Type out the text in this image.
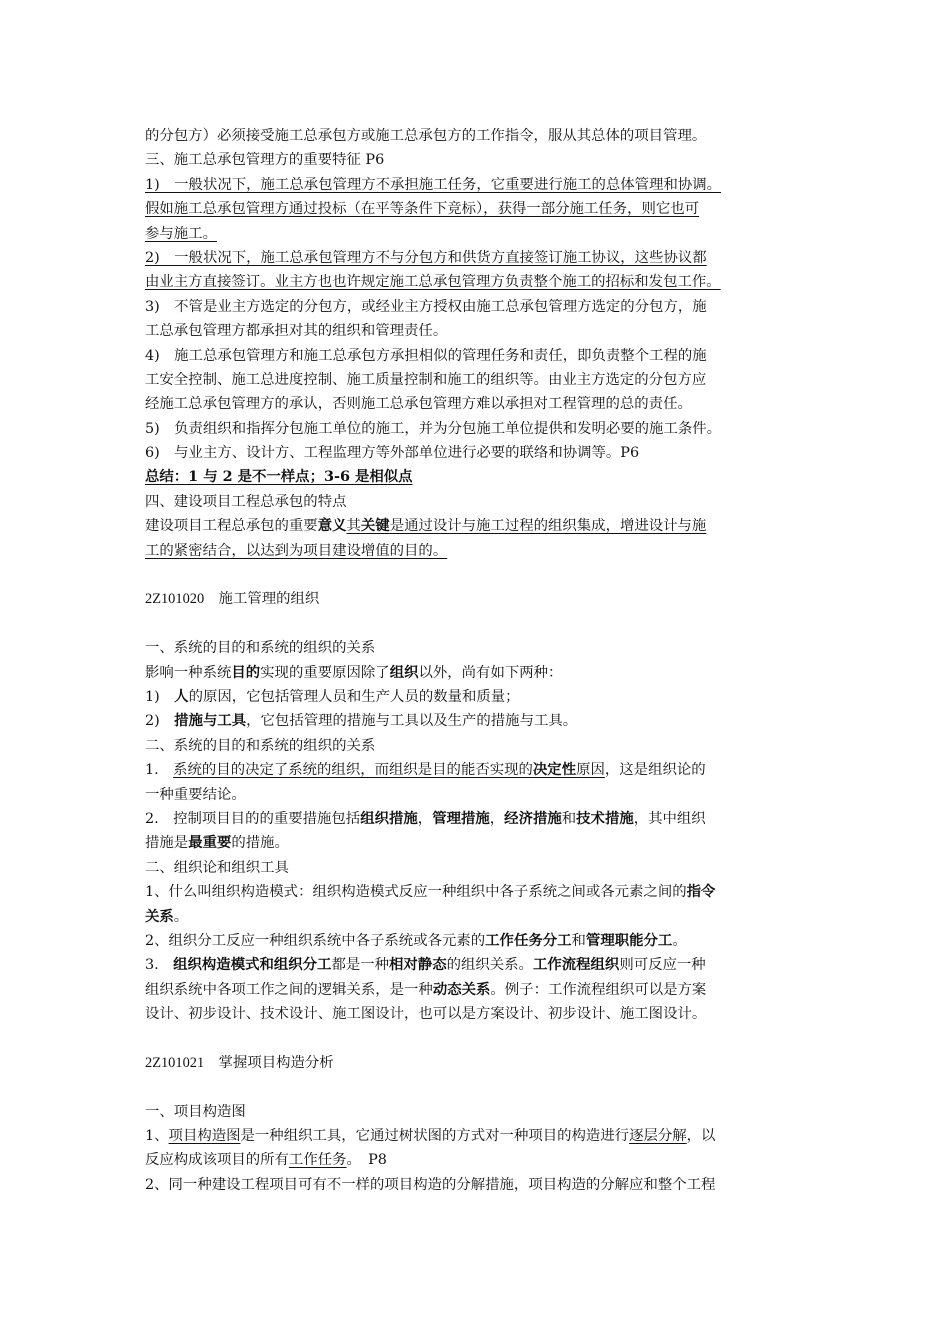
的分包方）必须接受施工总承包方或施工总承包方的工作指令，服从其总体的项目管理。
三、施工总承包管理方的重要特征 P6
1)　一般状况下，施工总承包管理方不承担施工任务，它重要进行施工的总体管理和协调。
假如施工总承包管理方通过投标（在平等条件下竞标），获得一部分施工任务，则它也可
参与施工。
2)　一般状况下，施工总承包管理方不与分包方和供货方直接签订施工协议，这些协议都
由业主方直接签订。业主方也也许规定施工总承包管理方负责整个施工的招标和发包工作。
3)　不管是业主方选定的分包方，或经业主方授权由施工总承包管理方选定的分包方，施
工总承包管理方都承担对其的组织和管理责任。
4)　施工总承包管理方和施工总承包方承担相似的管理任务和责任，即负责整个工程的施
工安全控制、施工总进度控制、施工质量控制和施工的组织等。由业主方选定的分包方应
经施工总承包管理方的承认，否则施工总承包管理方难以承担对工程管理的总的责任。
5)　负责组织和指挥分包施工单位的施工，并为分包施工单位提供和发明必要的施工条件。
6)　与业主方、设计方、工程监理方等外部单位进行必要的联络和协调等。P6
总结：1 与 2 是不一样点；3-6 是相似点
四、建设项目工程总承包的特点
建设项目工程总承包的重要意义其关键是通过设计与施工过程的组织集成，增进设计与施
工的紧密结合，以达到为项目建设增值的目的。
2Z101020　施工管理的组织
一、系统的目的和系统的组织的关系
影响一种系统目的实现的重要原因除了组织以外，尚有如下两种：
1)　人的原因，它包括管理人员和生产人员的数量和质量；
2)　措施与工具，它包括管理的措施与工具以及生产的措施与工具。
二、系统的目的和系统的组织的关系
1.　系统的目的决定了系统的组织，而组织是目的能否实现的决定性原因，这是组织论的
一种重要结论。
2.　控制项目目的的重要措施包括组织措施，管理措施，经济措施和技术措施，其中组织
措施是最重要的措施。
二、组织论和组织工具
1、什么叫组织构造模式：组织构造模式反应一种组织中各子系统之间或各元素之间的指令
关系。
2、组织分工反应一种组织系统中各子系统或各元素的工作任务分工和管理职能分工。
3.　组织构造模式和组织分工都是一种相对静态的组织关系。工作流程组织则可反应一种
组织系统中各项工作之间的逻辑关系，是一种动态关系。例子：工作流程组织可以是方案
设计、初步设计、技术设计、施工图设计，也可以是方案设计、初步设计、施工图设计。
2Z101021　掌握项目构造分析
一、项目构造图
1、项目构造图是一种组织工具，它通过树状图的方式对一种项目的构造进行逐层分解，以
反应构成该项目的所有工作任务。　P8
2、同一种建设工程项目可有不一样的项目构造的分解措施，项目构造的分解应和整个工程
